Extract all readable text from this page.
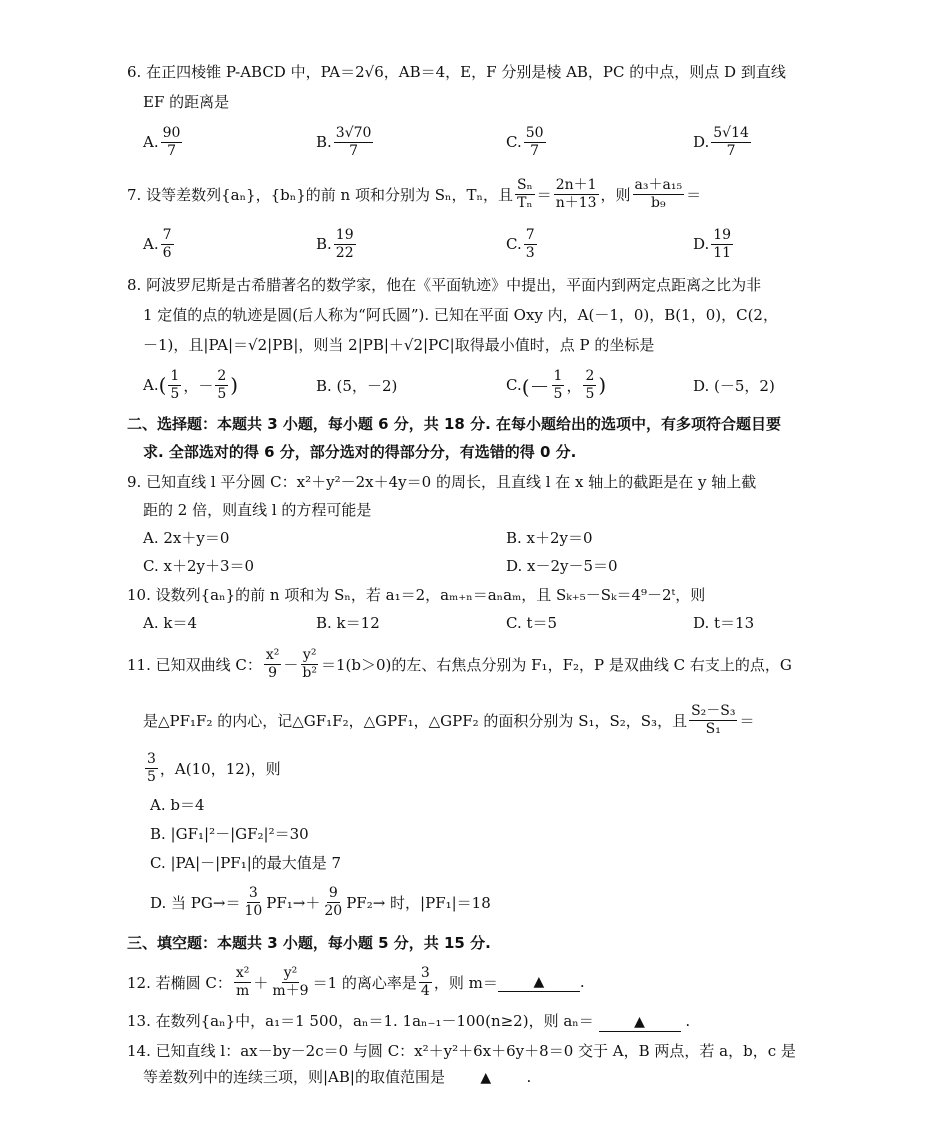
6. 在正四棱锥 P-ABCD 中，PA＝2√6，AB＝4，E，F 分别是棱 AB，PC 的中点，则点 D 到直线
EF 的距离是
A. $\frac{90}{7}$	B. $\frac{3√70}{7}$	C. $\frac{50}{7}$	D. $\frac{5√14}{7}$
7. 设等差数列{aₙ}，{bₙ}的前 n 项和分别为 Sₙ，Tₙ，且 $\frac{\text{Sₙ}}{\text{Tₙ}} = \frac{2n+1}{n+13}$ ，则 $\frac{\text{a₃＋a₁₅}}{\text{b₉}}$ ＝
A. $\frac{7}{6}$	B. $\frac{19}{22}$	C. $\frac{7}{3}$	D. $\frac{19}{11}$
8. 阿波罗尼斯是古希腊著名的数学家，他在《平面轨迹》中提出，平面内到两定点距离之比为非
1 定值的点的轨迹是圆(后人称为“阿氏圆”). 已知在平面 Oxy 内，A(－1，0)，B(1，0)，C(2，
－1)，且|PA|＝√2|PB|，则当 2|PB|＋√2|PC|取得最小值时，点 P 的坐标是
A. ( $\frac{1}{5}$ ，－ $\frac{2}{5}$ )	B. (5，－2)	C. (－ $\frac{1}{5}$ ， $\frac{2}{5}$ )	D. (－5，2)
二、选择题：本题共 3 小题，每小题 6 分，共 18 分. 在每小题给出的选项中，有多项符合题目要
求. 全部选对的得 6 分，部分选对的得部分分，有选错的得 0 分.
9. 已知直线 l 平分圆 C：x²＋y²－2x＋4y＝0 的周长，且直线 l 在 x 轴上的截距是在 y 轴上截
距的 2 倍，则直线 l 的方程可能是
A. 2x＋y＝0	B. x＋2y＝0
C. x＋2y＋3＝0	D. x－2y－5＝0
10. 设数列{aₙ}的前 n 项和为 Sₙ，若 a₁＝2，aₘ₊ₙ＝aₙaₘ，且 Sₖ₊₅－Sₖ＝4⁹－2ᵗ，则
A. k＝4	B. k＝12	C. t＝5	D. t＝13
11. 已知双曲线 C： $\frac{\text{x²}}{9} - \frac{\text{y²}}{\text{b²}} =1(b>0)$的左、右焦点分别为 F₁，F₂，P 是双曲线 C 右支上的点，G
是△PF₁F₂ 的内心，记△GF₁F₂，△GPF₁，△GPF₂ 的面积分别为 S₁，S₂，S₃，且 $\frac{\text{S₂－S₃}}{\text{S₁}}$ ＝
$\frac{3}{5}$ ，A(10，12)，则
A. b＝4
B. |GF₁|²－|GF₂|²＝30
C. |PA|－|PF₁|的最大值是 7
D. 当 $PG\to= \frac{3}{10} PF_1\to+ \frac{9}{20} PF_2\to$ 时，|PF₁|＝18
三、填空题：本题共 3 小题，每小题 5 分，共 15 分.
12. 若椭圆 C： $\frac{\text{x²}}{m} + \frac{\text{y²}}{m+9} =1$ 的离心率是 $\frac{3}{4}$ ，则 m＝	▲	.
13. 在数列{aₙ}中，a₁＝1 500，aₙ＝1. 1aₙ₋₁－100(n≥2)，则 aₙ＝	▲	.
14. 已知直线 l：ax－by－2c＝0 与圆 C：x²＋y²＋6x＋6y＋8＝0 交于 A，B 两点，若 a，b，c 是
等差数列中的连续三项，则|AB|的取值范围是	▲ .
